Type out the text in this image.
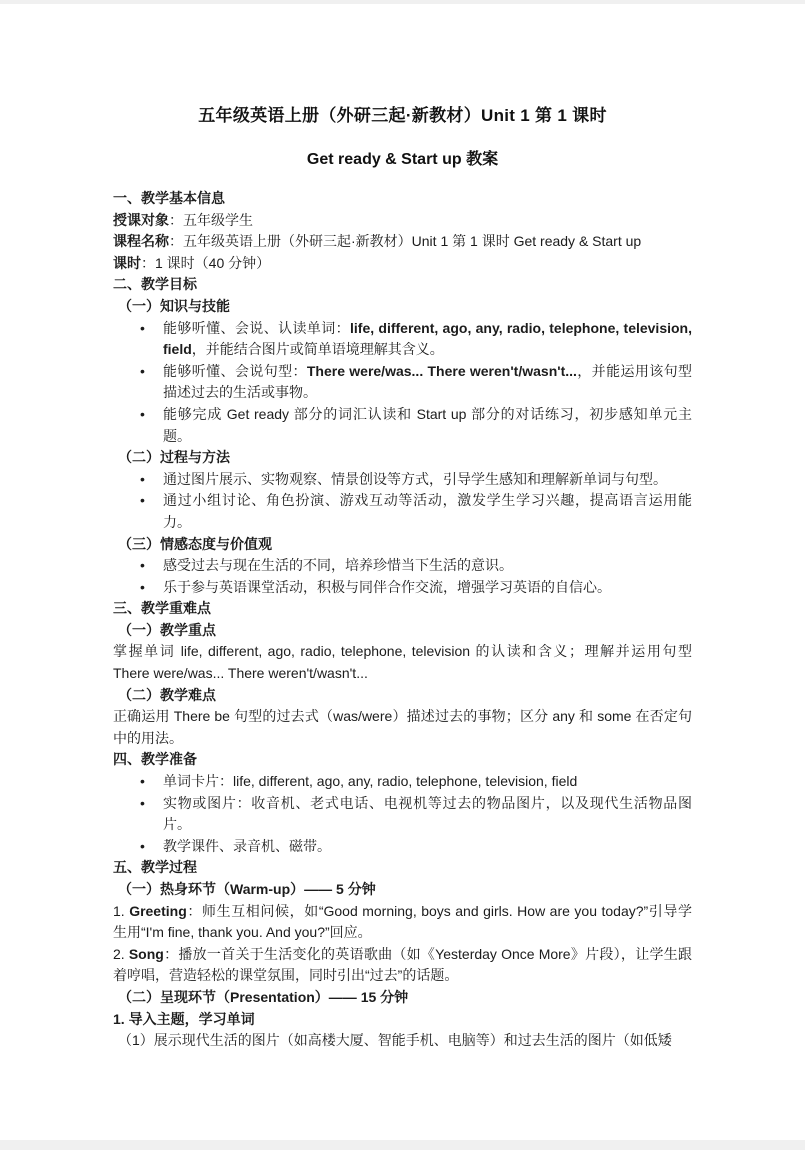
五年级英语上册（外研三起·新教材）Unit 1 第 1 课时
Get ready & Start up 教案
一、教学基本信息
授课对象：五年级学生
课程名称：五年级英语上册（外研三起·新教材）Unit 1 第 1 课时 Get ready & Start up
课时：1 课时（40 分钟）
二、教学目标
（一）知识与技能
•	能够听懂、会说、认读单词：life, different, ago, any, radio, telephone, television, field，并能结合图片或简单语境理解其含义。
•	能够听懂、会说句型：There were/was... There weren't/wasn't...，并能运用该句型描述过去的生活或事物。
•	能够完成 Get ready 部分的词汇认读和 Start up 部分的对话练习，初步感知单元主题。
（二）过程与方法
•	通过图片展示、实物观察、情景创设等方式，引导学生感知和理解新单词与句型。
•	通过小组讨论、角色扮演、游戏互动等活动，激发学生学习兴趣，提高语言运用能力。
（三）情感态度与价值观
•	感受过去与现在生活的不同，培养珍惜当下生活的意识。
•	乐于参与英语课堂活动，积极与同伴合作交流，增强学习英语的自信心。
三、教学重难点
（一）教学重点
掌握单词 life, different, ago, radio, telephone, television 的认读和含义；理解并运用句型 There were/was... There weren't/wasn't...
（二）教学难点
正确运用 There be 句型的过去式（was/were）描述过去的事物；区分 any 和 some 在否定句中的用法。
四、教学准备
•	单词卡片：life, different, ago, any, radio, telephone, television, field
•	实物或图片：收音机、老式电话、电视机等过去的物品图片，以及现代生活物品图片。
•	教学课件、录音机、磁带。
五、教学过程
（一）热身环节（Warm-up）—— 5 分钟
1. Greeting：师生互相问候，如“Good morning, boys and girls. How are you today?”引导学生用“I'm fine, thank you. And you?”回应。
2. Song：播放一首关于生活变化的英语歌曲（如《Yesterday Once More》片段），让学生跟着哼唱，营造轻松的课堂氛围，同时引出“过去”的话题。
（二）呈现环节（Presentation）—— 15 分钟
1. 导入主题，学习单词
（1）展示现代生活的图片（如高楼大厦、智能手机、电脑等）和过去生活的图片（如低矮
